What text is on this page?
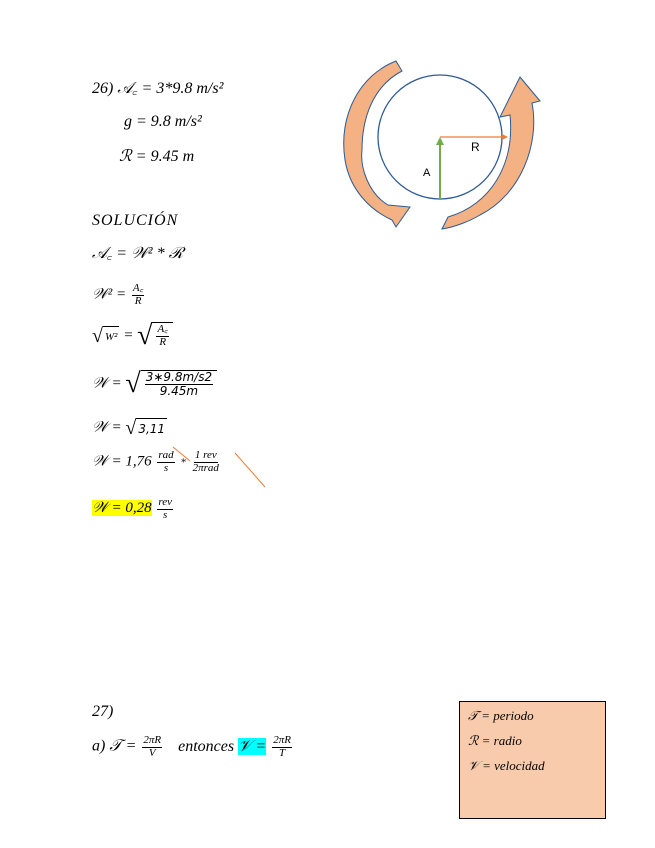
26) 𝒜꜀ = 3*9.8 m/s²
g = 9.8 m/s²
ℛ = 9.45 m
R
A
SOLUCIÓN
𝒜꜀ = 𝒲² * ℛ
𝒲² = $\frac{A꜀}{R}$
√ W² = √ $\frac{A꜀}{R}$
𝒲 = √ $\frac{3∗9.8m/s2}{9.45m}$
𝒲 = √ 3,11
𝒲 = $1,76 \frac{\text{rad}}{s} * \frac{\text{1 rev}}{\text{2πrad}}$
𝒲 = $0,28 \frac{\text{rev}}{s}$
27)
a) 𝒯 = $\frac{2\pi R}{V}$ entonces 𝒱 = $\frac{2\pi R}{T}$
𝒯 = periodo
ℛ = radio
𝒱 = velocidad
